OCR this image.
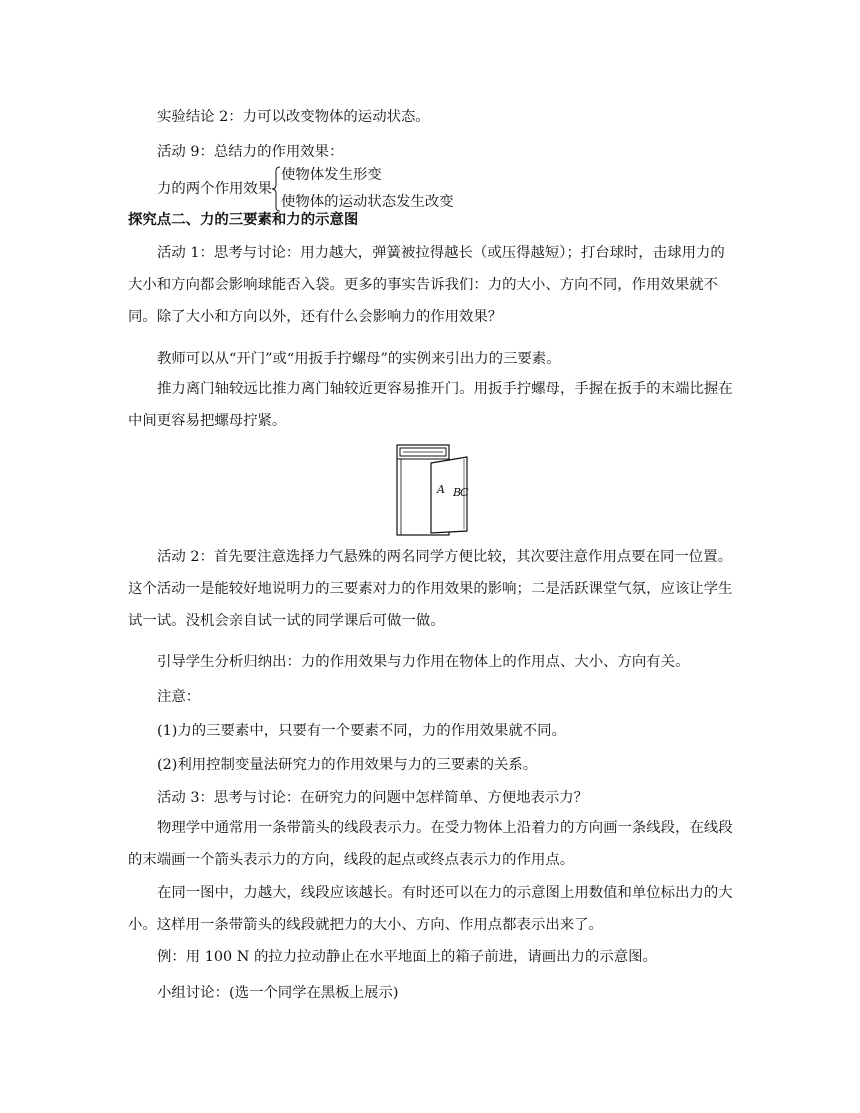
实验结论 2：力可以改变物体的运动状态。
活动 9：总结力的作用效果：
力的两个作用效果
使物体发生形变
使物体的运动状态发生改变
探究点二、力的三要素和力的示意图
活动 1：思考与讨论：用力越大，弹簧被拉得越长（或压得越短）；打台球时，击球用力的大小和方向都会影响球能否入袋。更多的事实告诉我们：力的大小、方向不同，作用效果就不同。除了大小和方向以外，还有什么会影响力的作用效果？
教师可以从“开门”或“用扳手拧螺母”的实例来引出力的三要素。
推力离门轴较远比推力离门轴较近更容易推开门。用扳手拧螺母，手握在扳手的末端比握在中间更容易把螺母拧紧。
A B
C
活动 2：首先要注意选择力气悬殊的两名同学方便比较，其次要注意作用点要在同一位置。这个活动一是能较好地说明力的三要素对力的作用效果的影响；二是活跃课堂气氛，应该让学生试一试。没机会亲自试一试的同学课后可做一做。
引导学生分析归纳出：力的作用效果与力作用在物体上的作用点、大小、方向有关。
注意：
(1)力的三要素中，只要有一个要素不同，力的作用效果就不同。
(2)利用控制变量法研究力的作用效果与力的三要素的关系。
活动 3：思考与讨论：在研究力的问题中怎样简单、方便地表示力？
物理学中通常用一条带箭头的线段表示力。在受力物体上沿着力的方向画一条线段，在线段的末端画一个箭头表示力的方向，线段的起点或终点表示力的作用点。
在同一图中，力越大，线段应该越长。有时还可以在力的示意图上用数值和单位标出力的大小。这样用一条带箭头的线段就把力的大小、方向、作用点都表示出来了。
例：用 100 N 的拉力拉动静止在水平地面上的箱子前进，请画出力的示意图。
小组讨论：(选一个同学在黑板上展示)
